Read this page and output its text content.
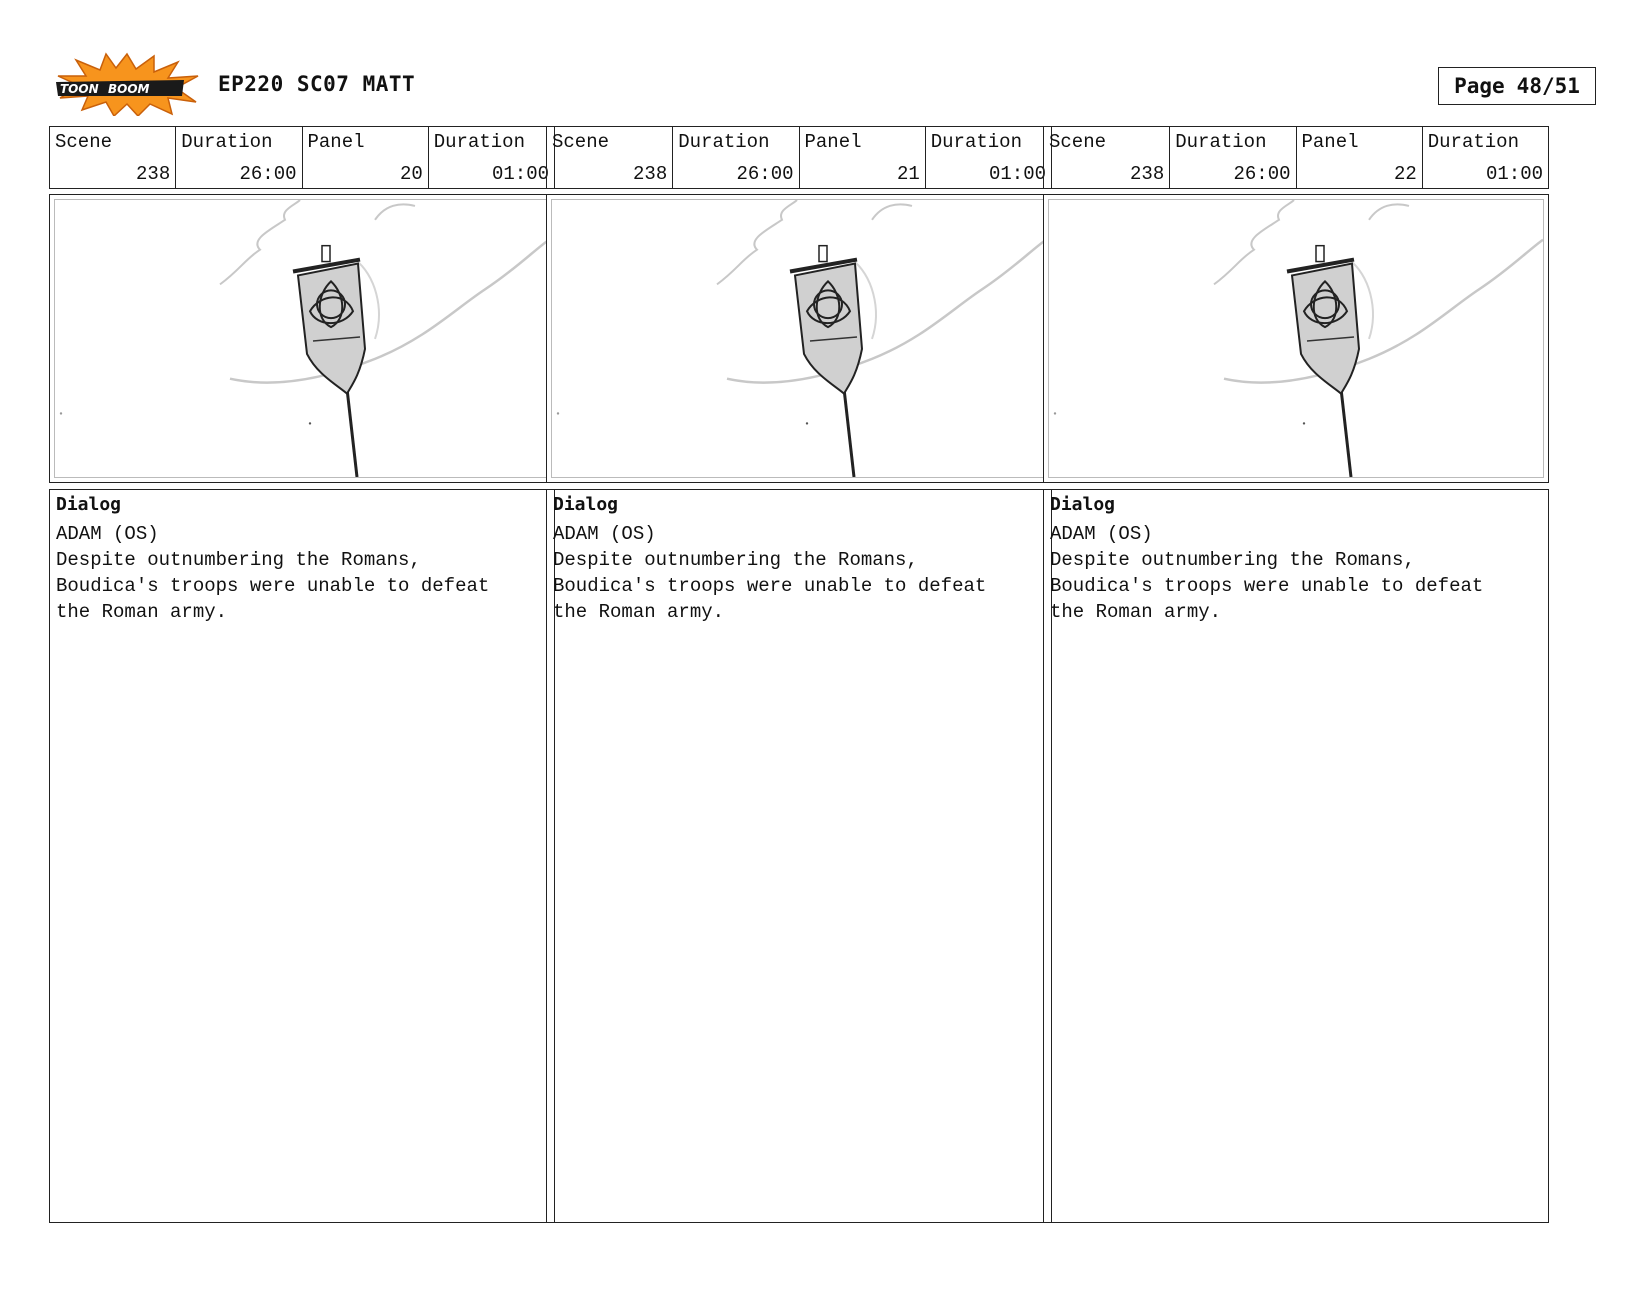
TOON BOOM	EP220 SC07 MATT	Page 48/51
Scene
238
Duration
26:00
Panel
20
Duration
01:00
Dialog
ADAM (OS)
Despite outnumbering the Romans,
Boudica's troops were unable to defeat
the Roman army.
Scene
238
Duration
26:00
Panel
21
Duration
01:00
Dialog
ADAM (OS)
Despite outnumbering the Romans,
Boudica's troops were unable to defeat
the Roman army.
Scene
238
Duration
26:00
Panel
22
Duration
01:00
Dialog
ADAM (OS)
Despite outnumbering the Romans,
Boudica's troops were unable to defeat
the Roman army.
